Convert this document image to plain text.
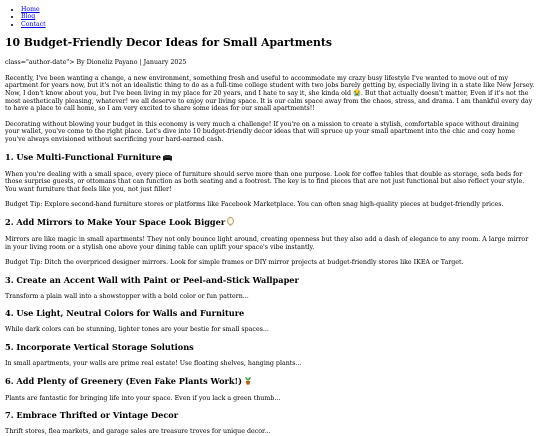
• Home
• Blog
• Contact
10 Budget-Friendly Decor Ideas for Small Apartments

class="author-date"> By Dioneliz Payano | January 2025

Recently, I've been wanting a change, a new environment, something fresh and useful to accommodate my crazy busy lifestyle I've wanted to move out of my apartment for years now, but it's not an idealistic thing to do as a full-time college student with two jobs barely getting by, especially living in a state like New Jersey. Now, I don't know about you, but I've been living in my place for 20 years, and I hate to say it, she kinda old 😭. But that actually doesn't matter, Even if it's not the most aesthetically pleasing, whatever! we all deserve to enjoy our living space. It is our calm space away from the chaos, stress, and drama. I am thankful every day to have a place to call home, so I am very excited to share some ideas for our small apartments!!

Decorating without blowing your budget in this economy is very much a challenge! If you're on a mission to create a stylish, comfortable space without draining your wallet, you've come to the right place. Let's dive into 10 budget-friendly decor ideas that will spruce up your small apartment into the chic and cozy home you've always envisioned without sacrificing your hard-earned cash.

1. Use Multi-Functional Furniture

When you're dealing with a small space, every piece of furniture should serve more than one purpose. Look for coffee tables that double as storage, sofa beds for those surprise guests, or ottomans that can function as both seating and a footrest. The key is to find pieces that are not just functional but also reflect your style. You want furniture that feels like you, not just filler!

Budget Tip: Explore second-hand furniture stores or platforms like Facebook Marketplace. You can often snag high-quality pieces at budget-friendly prices.

2. Add Mirrors to Make Your Space Look Bigger

Mirrors are like magic in small apartments! They not only bounce light around, creating openness but they also add a dash of elegance to any room. A large mirror in your living room or a stylish one above your dining table can uplift your space's vibe instantly.

Budget Tip: Ditch the overpriced designer mirrors. Look for simple frames or DIY mirror projects at budget-friendly stores like IKEA or Target.

3. Create an Accent Wall with Paint or Peel-and-Stick Wallpaper

Transform a plain wall into a showstopper with a bold color or fun pattern...

4. Use Light, Neutral Colors for Walls and Furniture

While dark colors can be stunning, lighter tones are your bestie for small spaces...

5. Incorporate Vertical Storage Solutions

In small apartments, your walls are prime real estate! Use floating shelves, hanging plants...

6. Add Plenty of Greenery (Even Fake Plants Work!)

Plants are fantastic for bringing life into your space. Even if you lack a green thumb...

7. Embrace Thrifted or Vintage Decor

Thrift stores, flea markets, and garage sales are treasure troves for unique decor...
